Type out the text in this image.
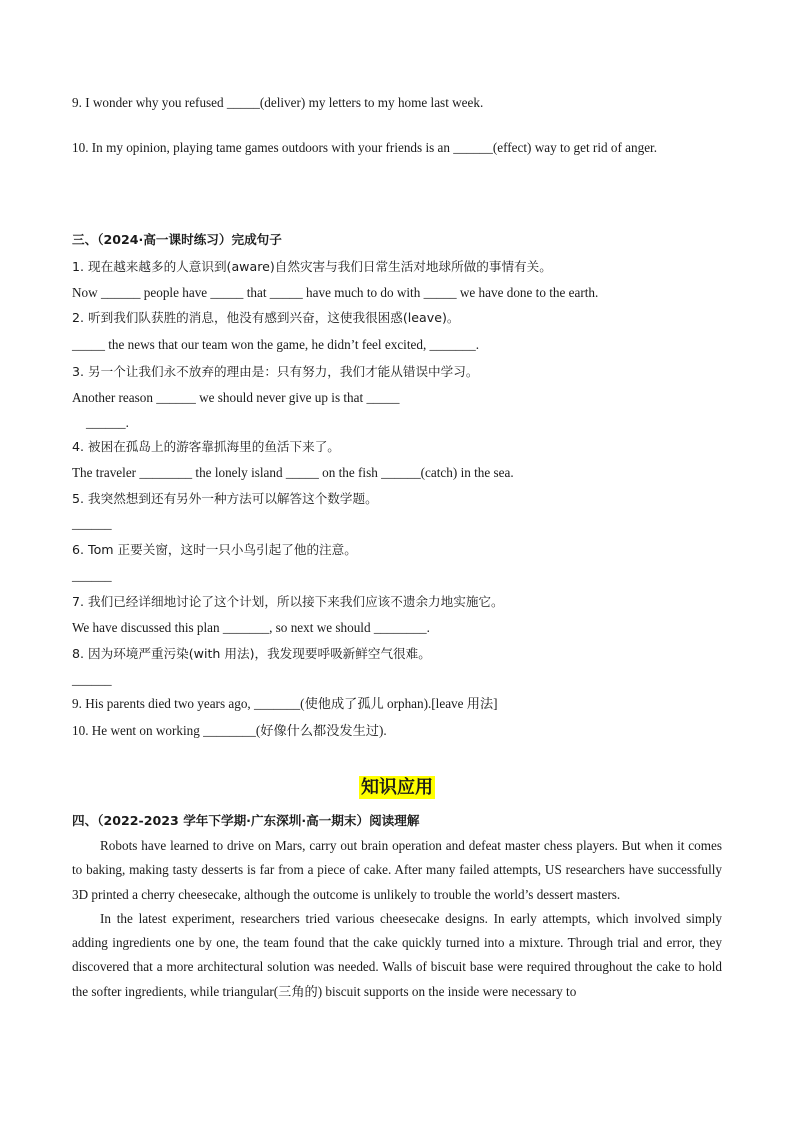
9. I wonder why you refused _____(deliver) my letters to my home last week.
10. In my opinion, playing tame games outdoors with your friends is an ______(effect) way to get rid of anger.
三、（2024·高一课时练习）完成句子
1. 现在越来越多的人意识到(aware)自然灾害与我们日常生活对地球所做的事情有关。
Now ______ people have _____ that _____ have much to do with _____ we have done to the earth.
2. 听到我们队获胜的消息，他没有感到兴奋，这使我很困惑(leave)。
_____ the news that our team won the game, he didn’t feel excited, _______.
3. 另一个让我们永不放弃的理由是：只有努力，我们才能从错误中学习。
Another reason ______ we should never give up is that _____
______.
4. 被困在孤岛上的游客靠抓海里的鱼活下来了。
The traveler ________ the lonely island _____ on the fish ______(catch) in the sea.
5. 我突然想到还有另外一种方法可以解答这个数学题。
______
6. Tom 正要关窗，这时一只小鸟引起了他的注意。
______
7. 我们已经详细地讨论了这个计划，所以接下来我们应该不遗余力地实施它。
We have discussed this plan _______, so next we should ________.
8. 因为环境严重污染(with 用法)，我发现要呼吸新鲜空气很难。
______
9. His parents died two years ago, _______(使他成了孤儿 orphan).[leave 用法]
10. He went on working ________(好像什么都没发生过).
知识应用
四、（2022-2023 学年下学期·广东深圳·高一期末）阅读理解

Robots have learned to drive on Mars, carry out brain operation and defeat master chess players. But when it comes to baking, making tasty desserts is far from a piece of cake. After many failed attempts, US researchers have successfully 3D printed a cherry cheesecake, although the outcome is unlikely to trouble the world’s dessert masters.

In the latest experiment, researchers tried various cheesecake designs. In early attempts, which involved simply adding ingredients one by one, the team found that the cake quickly turned into a mixture. Through trial and error, they discovered that a more architectural solution was needed. Walls of biscuit base were required throughout the cake to hold the softer ingredients, while triangular(三角的) biscuit supports on the inside were necessary to
